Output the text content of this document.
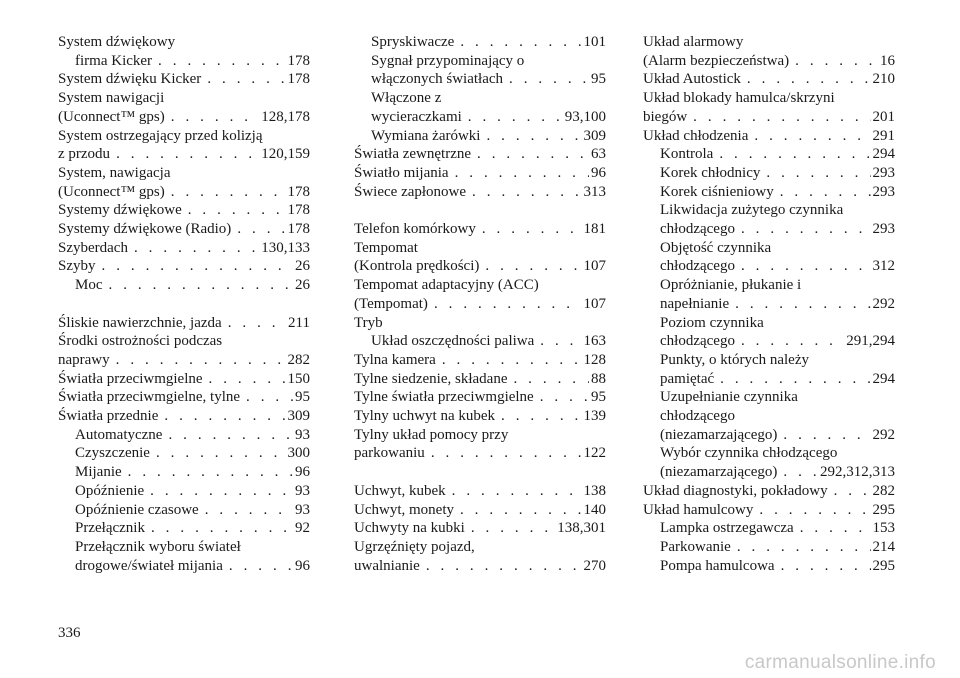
System dźwiękowy
firma Kicker . . .	178
System dźwięku Kicker . . .	178
System nawigacji
(Uconnect™ gps) . . .	128,178
System ostrzegający przed kolizją
z przodu . . .	120,159
System, nawigacja
(Uconnect™ gps) . . .	178
Systemy dźwiękowe . . .	178
Systemy dźwiękowe (Radio) . . .	178
Szyberdach . . .	130,133
Szyby . . .	26
Moc . . .	26
Śliskie nawierzchnie, jazda . . .	211
Środki ostrożności podczas
naprawy . . .	282
Światła przeciwmgielne . . .	150
Światła przeciwmgielne, tylne . . .	95
Światła przednie . . .	309
Automatyczne . . .	93
Czyszczenie . . .	300
Mijanie . . .	96
Opóźnienie . . .	93
Opóźnienie czasowe . . .	93
Przełącznik . . .	92
Przełącznik wyboru świateł
drogowe/świateł mijania . . .	96
Spryskiwacze . . .	101
Sygnał przypominający o
włączonych światłach . . .	95
Włączone z
wycieraczkami . . .	93,100
Wymiana żarówki . . .	309
Światła zewnętrzne . . .	63
Światło mijania . . .	96
Świece zapłonowe . . .	313
Telefon komórkowy . . .	181
Tempomat
(Kontrola prędkości) . . .	107
Tempomat adaptacyjny (ACC)
(Tempomat) . . .	107
Tryb
Układ oszczędności paliwa . . .	163
Tylna kamera . . .	128
Tylne siedzenie, składane . . .	88
Tylne światła przeciwmgielne . . .	95
Tylny uchwyt na kubek . . .	139
Tylny układ pomocy przy
parkowaniu . . .	122
Uchwyt, kubek . . .	138
Uchwyt, monety . . .	140
Uchwyty na kubki . . .	138,301
Ugrzęźnięty pojazd,
uwalnianie . . .	270
Układ alarmowy
(Alarm bezpieczeństwa) . . .	16
Układ Autostick . . .	210
Układ blokady hamulca/skrzyni
biegów . . .	201
Układ chłodzenia . . .	291
Kontrola . . .	294
Korek chłodnicy . . .	293
Korek ciśnieniowy . . .	293
Likwidacja zużytego czynnika
chłodzącego . . .	293
Objętość czynnika
chłodzącego . . .	312
Opróżnianie, płukanie i
napełnianie . . .	292
Poziom czynnika
chłodzącego . . .	291,294
Punkty, o których należy
pamiętać . . .	294
Uzupełnianie czynnika
chłodzącego
(niezamarzającego) . . .	292
Wybór czynnika chłodzącego
(niezamarzającego) . . .	292,312,313
Układ diagnostyki, pokładowy . . .	282
Układ hamulcowy . . .	295
Lampka ostrzegawcza . . .	153
Parkowanie . . .	214
Pompa hamulcowa . . .	295
336
carmanualsonline.info
